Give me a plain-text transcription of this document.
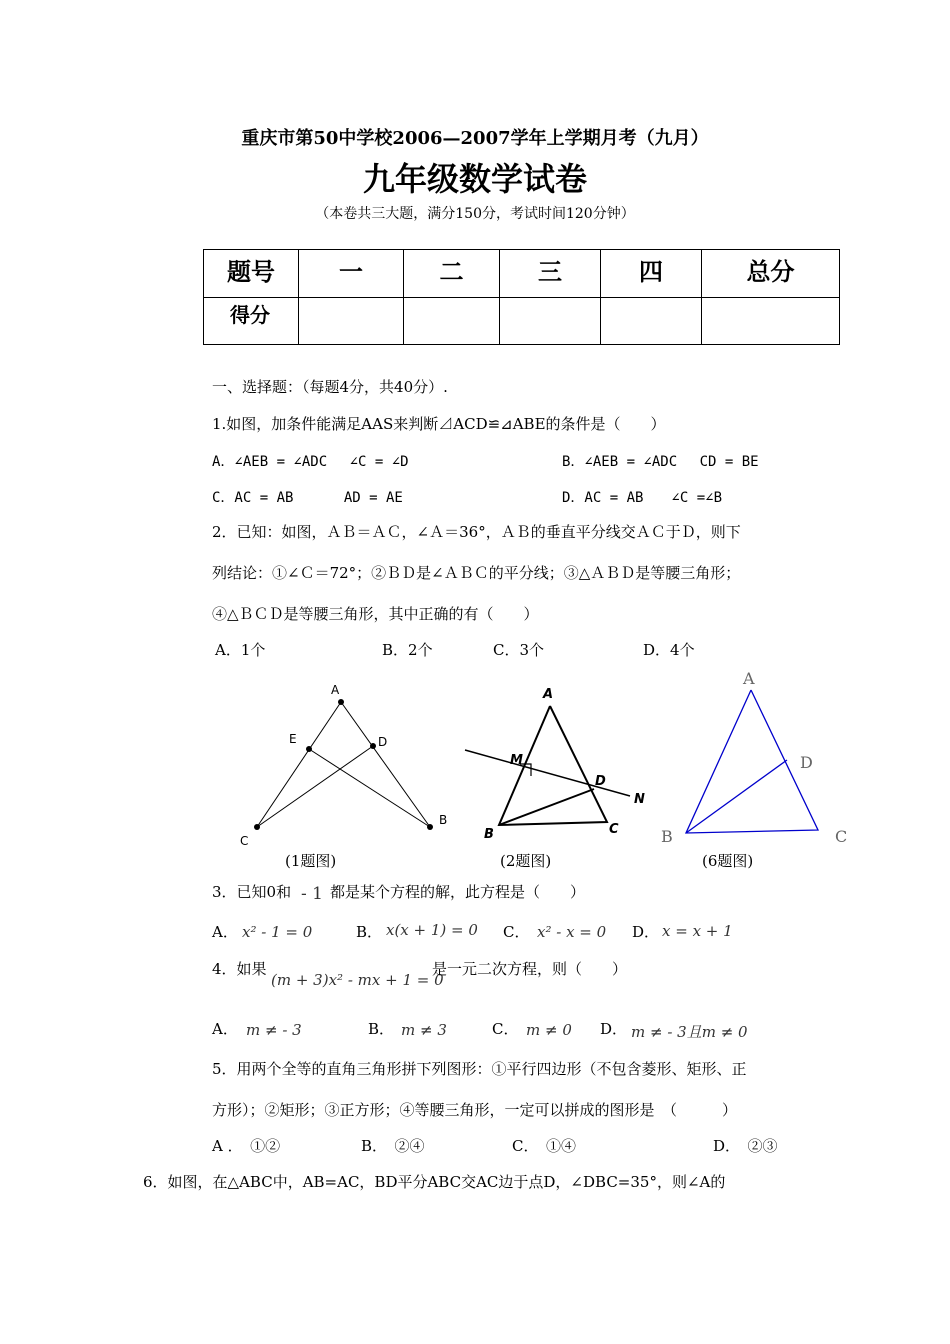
重庆市第50中学校2006—2007学年上学期月考（九月）
九年级数学试卷
（本卷共三大题，满分150分，考试时间120分钟）
题号	一	二	三	四	总分
得分					
一、选择题：（每题4分，共40分）.
1.如图，加条件能满足AAS来判断⊿ACD≌⊿ABE的条件是（　　）
A．∠AEB = ∠ADC　 ∠C = ∠D	B．∠AEB = ∠ADC　 CD = BE
C．AC = AB　　　 AD = AE	D．AC = AB　　∠C =∠B
2．已知：如图，ＡＢ＝ＡＣ，∠Ａ＝36°，ＡＢ的垂直平分线交ＡＣ于Ｄ，则下
列结论：①∠Ｃ＝72°；②ＢＤ是∠ＡＢＣ的平分线；③△ＡＢＤ是等腰三角形；
④△ＢＣＤ是等腰三角形，其中正确的有（　　）
A．1个	B．2个	C．3个	D．4个
A
E	D
C
B
A
M
D
N
B	C
A
D
B	C
(1题图)	(2题图)	(6题图)
3．已知0和 - 1 都是某个方程的解，此方程是（　　）
A． x² - 1 = 0	B． x(x + 1) = 0 C． x² - x = 0 D． x = x + 1
4．如果
(m + 3)x² - mx + 1 = 0
是一元二次方程，则（　　）
A． m ≠ - 3	B． m ≠ 3	C． m ≠ 0 D． m ≠ - 3且m ≠ 0
5．用两个全等的直角三角形拼下列图形：①平行四边形（不包含菱形、矩形、正
方形）；②矩形；③正方形；④等腰三角形，一定可以拼成的图形是　（　　　）
A ．　①②	B．　②④	C．　①④	D．　②③
6．如图，在△ABC中，AB=AC，BD平分ABC交AC边于点D，∠DBC=35°，则∠A的
